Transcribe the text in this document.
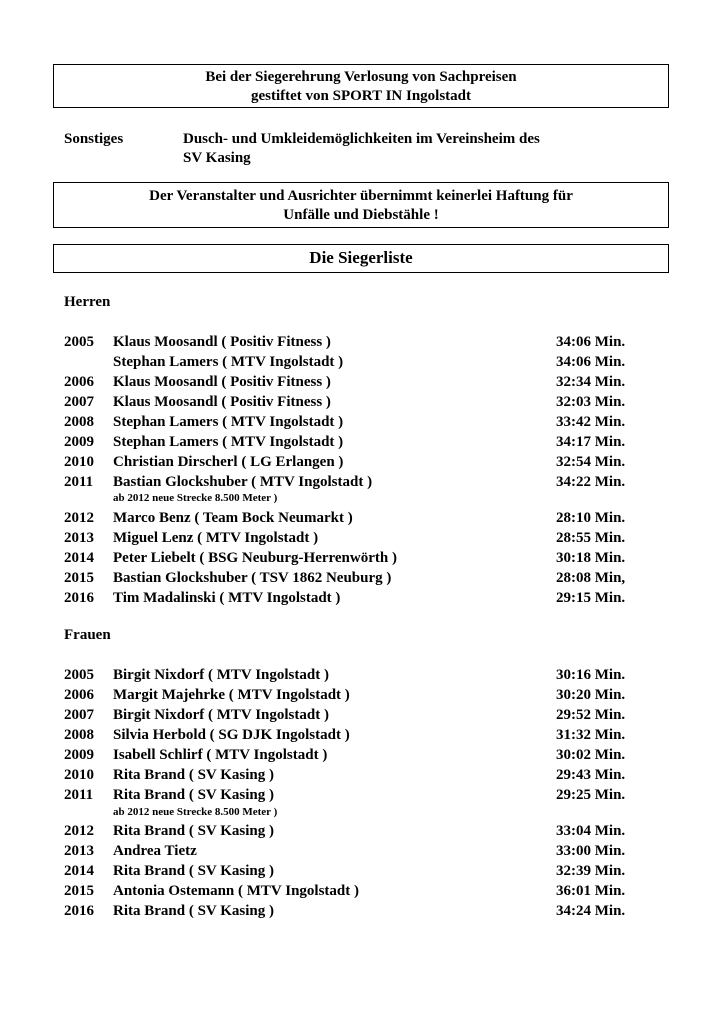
Bei der Siegerehrung Verlosung von Sachpreisen
gestiftet von SPORT IN Ingolstadt
Sonstiges	Dusch- und Umkleidemöglichkeiten im Vereinsheim des
SV Kasing
Der Veranstalter und Ausrichter übernimmt keinerlei Haftung für
Unfälle und Diebstähle !
Die Siegerliste
Herren
2005 Klaus Moosandl ( Positiv Fitness )	34:06 Min.
Stephan Lamers ( MTV Ingolstadt )	34:06 Min.
2006 Klaus Moosandl ( Positiv Fitness )	32:34 Min.
2007 Klaus Moosandl ( Positiv Fitness )	32:03 Min.
2008 Stephan Lamers ( MTV Ingolstadt )	33:42 Min.
2009 Stephan Lamers ( MTV Ingolstadt )	34:17 Min.
2010 Christian Dirscherl ( LG Erlangen )	32:54 Min.
2011 Bastian Glockshuber ( MTV Ingolstadt )	34:22 Min.
2012 Marco Benz ( Team Bock Neumarkt )	28:10 Min.
2013 Miguel Lenz ( MTV Ingolstadt )	28:55 Min.
2014 Peter Liebelt ( BSG Neuburg-Herrenwörth )	30:18 Min.
2015 Bastian Glockshuber ( TSV 1862 Neuburg )	28:08 Min,
2016 Tim Madalinski ( MTV Ingolstadt )	29:15 Min.
ab 2012 neue Strecke 8.500 Meter )
Frauen
2005 Birgit Nixdorf ( MTV Ingolstadt )	30:16 Min.
2006 Margit Majehrke ( MTV Ingolstadt )	30:20 Min.
2007 Birgit Nixdorf ( MTV Ingolstadt )	29:52 Min.
2008 Silvia Herbold ( SG DJK Ingolstadt )	31:32 Min.
2009 Isabell Schlirf ( MTV Ingolstadt )	30:02 Min.
2010 Rita Brand ( SV Kasing )	29:43 Min.
2011 Rita Brand ( SV Kasing )	29:25 Min.
2012 Rita Brand ( SV Kasing )	33:04 Min.
2013 Andrea Tietz	33:00 Min.
2014 Rita Brand ( SV Kasing )	32:39 Min.
2015 Antonia Ostemann ( MTV Ingolstadt )	36:01 Min.
2016 Rita Brand ( SV Kasing )	34:24 Min.
ab 2012 neue Strecke 8.500 Meter )
